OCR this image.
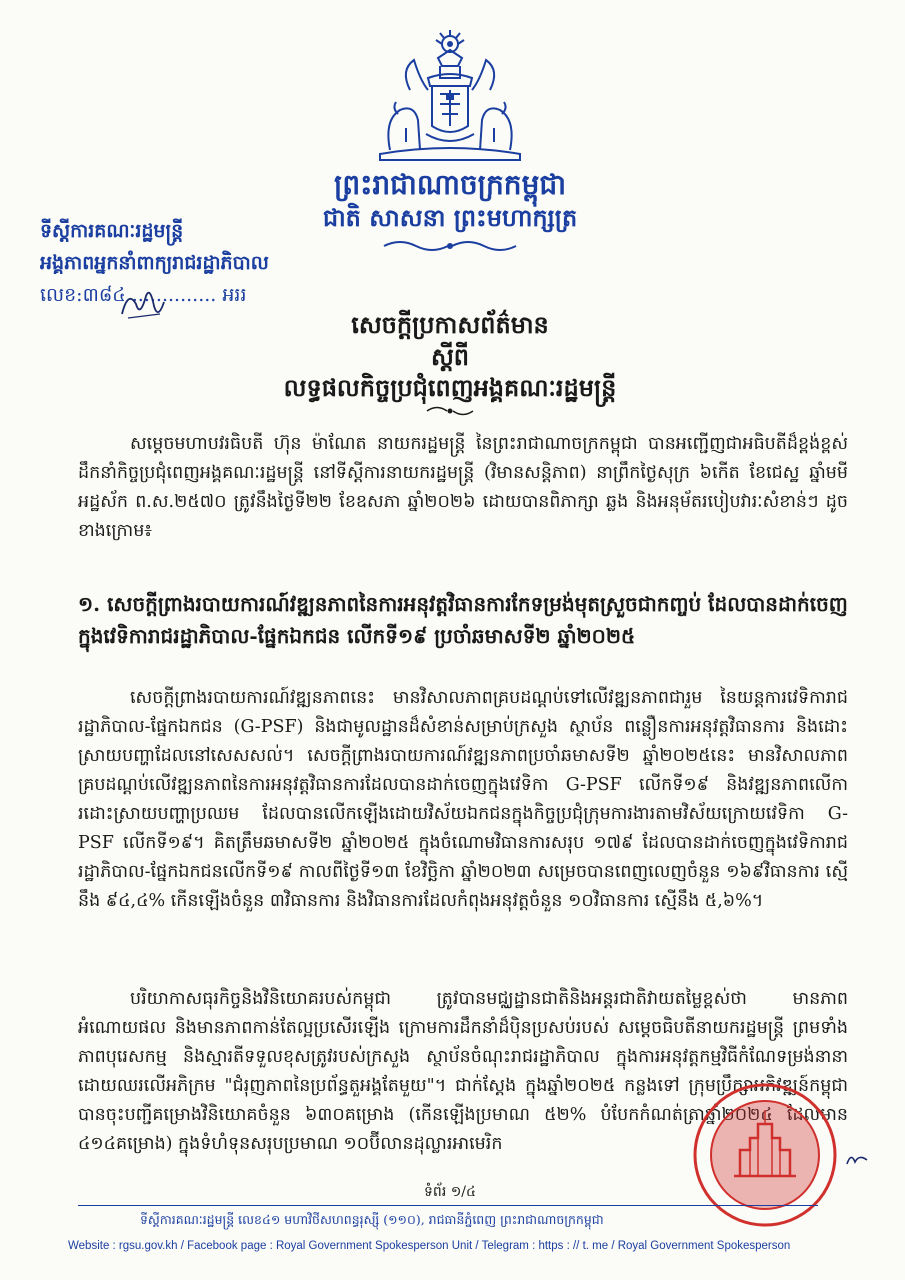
ព្រះរាជាណាចក្រកម្ពុជា
ជាតិ សាសនា ព្រះមហាក្សត្រ
ទីស្ដីការគណៈរដ្ឋមន្ត្រី
អង្គភាពអ្នកនាំពាក្យរាជរដ្ឋាភិបាល
លេខ:៣៨៤ .............. អររ
សេចក្ដីប្រកាសព័ត៌មាន
ស្ដីពី
លទ្ធផលកិច្ចប្រជុំពេញអង្គគណៈរដ្ឋមន្ត្រី
សម្ដេចមហាបវរធិបតី ហ៊ុន ម៉ាណែត នាយករដ្ឋមន្ត្រី នៃព្រះរាជាណាចក្រកម្ពុជា បានអញ្ជើញជាអធិបតីដ៏ខ្ពង់ខ្ពស់ ដឹកនាំកិច្ចប្រជុំពេញអង្គគណៈរដ្ឋមន្ត្រី នៅទីស្ដីការនាយករដ្ឋមន្ត្រី (វិមានសន្តិភាព) នាព្រឹកថ្ងៃសុក្រ ៦កើត ខែជេស្ឋ ឆ្នាំមមី អដ្ឋស័ក ព.ស.២៥៧០ ត្រូវនឹងថ្ងៃទី២២ ខែឧសភា ឆ្នាំ២០២៦ ដោយបានពិភាក្សា ឆ្លង និងអនុម័តរបៀបវារៈសំខាន់ៗ ដូចខាងក្រោម៖
១. សេចក្តីព្រាងរបាយការណ៍វឌ្ឍនភាពនៃការអនុវត្តវិធានការកែទម្រង់មុតស្រួចជាកញ្ចប់ ដែលបានដាក់ចេញក្នុងវេទិការាជរដ្ឋាភិបាល-ផ្នែកឯកជន លើកទី១៩ ប្រចាំឆមាសទី២ ឆ្នាំ២០២៥
សេចក្ដីព្រាងរបាយការណ៍វឌ្ឍនភាពនេះ មានវិសាលភាពគ្របដណ្ដប់ទៅលើវឌ្ឍនភាពជារួម នៃយន្តការវេទិការាជរដ្ឋាភិបាល-ផ្នែកឯកជន (G-PSF) និងជាមូលដ្ឋានដ៏សំខាន់សម្រាប់ក្រសួង ស្ថាប័ន ពន្លឿនការអនុវត្តវិធានការ និងដោះស្រាយបញ្ហាដែលនៅសេសសល់។ សេចក្ដីព្រាងរបាយការណ៍វឌ្ឍនភាពប្រចាំឆមាសទី២ ឆ្នាំ២០២៥នេះ មានវិសាលភាពគ្របដណ្ដប់លើវឌ្ឍនភាពនៃការអនុវត្តវិធានការដែលបានដាក់ចេញក្នុងវេទិកា G-PSF លើកទី១៩ និងវឌ្ឍនភាពលើការដោះស្រាយបញ្ហាប្រឈម ដែលបានលើកឡើងដោយវិស័យឯកជនក្នុងកិច្ចប្រជុំក្រុមការងារតាមវិស័យក្រោយវេទិកា G-PSF លើកទី១៩។ គិតត្រឹមឆមាសទី២ ឆ្នាំ២០២៥ ក្នុងចំណោមវិធានការសរុប ១៧៩ ដែលបានដាក់ចេញក្នុងវេទិការាជរដ្ឋាភិបាល-ផ្នែកឯកជនលើកទី១៩ កាលពីថ្ងៃទី១៣ ខែវិច្ឆិកា ឆ្នាំ២០២៣ សម្រេចបានពេញលេញចំនួន ១៦៩វិធានការ ស្មើនឹង ៩៤,៤% កើនឡើងចំនួន ៣វិធានការ និងវិធានការដែលកំពុងអនុវត្តចំនួន ១០វិធានការ ស្មើនឹង ៥,៦%។
បរិយាកាសធុរកិច្ចនិងវិនិយោគរបស់កម្ពុជា ត្រូវបានមជ្ឈដ្ឋានជាតិនិងអន្តរជាតិវាយតម្លៃខ្ពស់ថា មានភាពអំណោយផល និងមានភាពកាន់តែល្អប្រសើរឡើង ក្រោមការដឹកនាំដ៏ប៉ិនប្រសប់របស់ សម្ដេចធិបតីនាយករដ្ឋមន្ត្រី ព្រមទាំងភាពបុរេសកម្ម និងស្មារតីទទួលខុសត្រូវរបស់ក្រសួង ស្ថាប័នចំណុះរាជរដ្ឋាភិបាល ក្នុងការអនុវត្តកម្មវិធីកំណែទម្រង់នានា ដោយឈរលើអភិក្រម "ជំរុញភាពនៃប្រព័ន្ធតួអង្គតែមួយ"។ ជាក់ស្ដែង ក្នុងឆ្នាំ២០២៥ កន្លងទៅ ក្រុមប្រឹក្សាអភិវឌ្ឍន៍កម្ពុជា បានចុះបញ្ជីគម្រោងវិនិយោគចំនួន ៦៣០គម្រោង (កើនឡើងប្រមាណ ៥២% បំបែកកំណត់ត្រាឆ្នាំ២០២៤ ដែលមាន ៤១៤គម្រោង) ក្នុងទំហំទុនសរុបប្រមាណ ១០ប៊ីលានដុល្លារអាមេរិក
ទំព័រ ១/៤
ទីស្ដីការគណៈរដ្ឋមន្ត្រី លេខ៤១ មហាវិថីសហពន្ធរុស្ស៊ី (១១០), រាជធានីភ្នំពេញ ព្រះរាជាណាចក្រកម្ពុជា
Website : rgsu.gov.kh / Facebook page : Royal Government Spokesperson Unit / Telegram : https : // t. me / Royal Government Spokesperson
